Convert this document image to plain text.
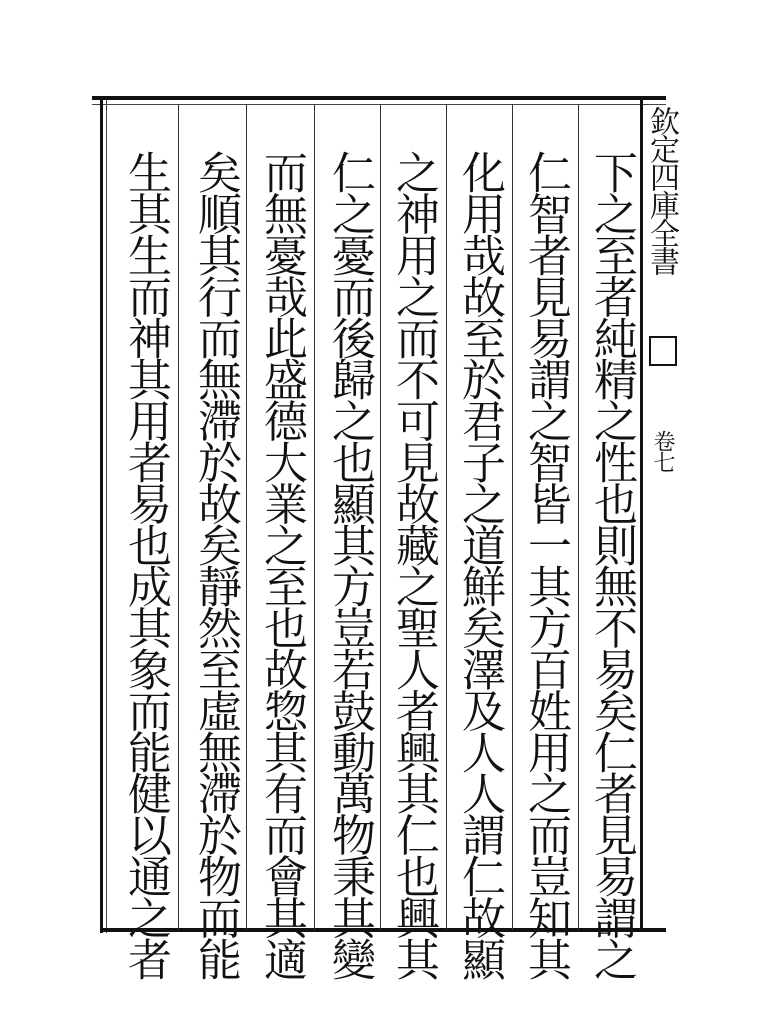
欽定四庫全書
卷七
下之至者純精之性也則無不易矣仁者見易謂之
仁智者見易謂之智皆一其方百姓用之而豈知其
化用哉故至於君子之道鮮矣澤及人人謂仁故顯
之神用之而不可見故藏之聖人者興其仁也興其
仁之憂而後歸之也顯其方豈若鼓動萬物秉其變
而無憂哉此盛德大業之至也故惣其有而會其適
矣順其行而無滯於故矣靜然至虛無滯於物而能
生其生而神其用者易也成其象而能健以通之者
